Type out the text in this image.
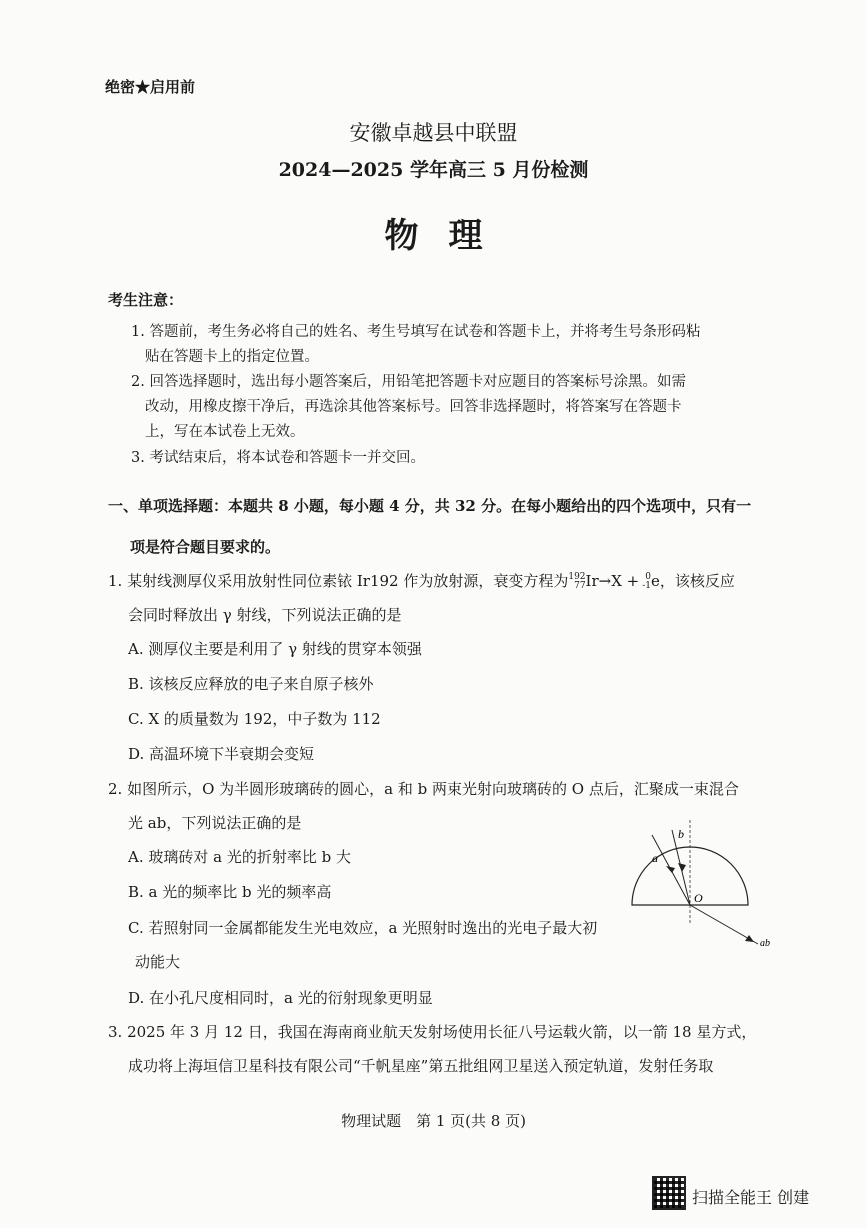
绝密★启用前
安徽卓越县中联盟
2024—2025 学年高三 5 月份检测
物理
考生注意：
1. 答题前，考生务必将自己的姓名、考生号填写在试卷和答题卡上，并将考生号条形码粘
贴在答题卡上的指定位置。
2. 回答选择题时，选出每小题答案后，用铅笔把答题卡对应题目的答案标号涂黑。如需
改动，用橡皮擦干净后，再选涂其他答案标号。回答非选择题时，将答案写在答题卡
上，写在本试卷上无效。
3. 考试结束后，将本试卷和答题卡一并交回。
一、单项选择题：本题共 8 小题，每小题 4 分，共 32 分。在每小题给出的四个选项中，只有一
项是符合题目要求的。
1. 某射线测厚仪采用放射性同位素铱 Ir192 作为放射源，衰变方程为 192
77 Ir→X + 0
-1 e，该核反应
会同时释放出 γ 射线，下列说法正确的是
A. 测厚仪主要是利用了 γ 射线的贯穿本领强
B. 该核反应释放的电子来自原子核外
C. X 的质量数为 192，中子数为 112
D. 高温环境下半衰期会变短
2. 如图所示，O 为半圆形玻璃砖的圆心，a 和 b 两束光射向玻璃砖的 O 点后，汇聚成一束混合
光 ab，下列说法正确的是
A. 玻璃砖对 a 光的折射率比 b 大
B. a 光的频率比 b 光的频率高
C. 若照射同一金属都能发生光电效应，a 光照射时逸出的光电子最大初
动能大
D. 在小孔尺度相同时，a 光的衍射现象更明显
a
b
O
ab
3. 2025 年 3 月 12 日，我国在海南商业航天发射场使用长征八号运载火箭，以一箭 18 星方式，
成功将上海垣信卫星科技有限公司“千帆星座”第五批组网卫星送入预定轨道，发射任务取
物理试题　第 1 页(共 8 页)
扫描全能王 创建
